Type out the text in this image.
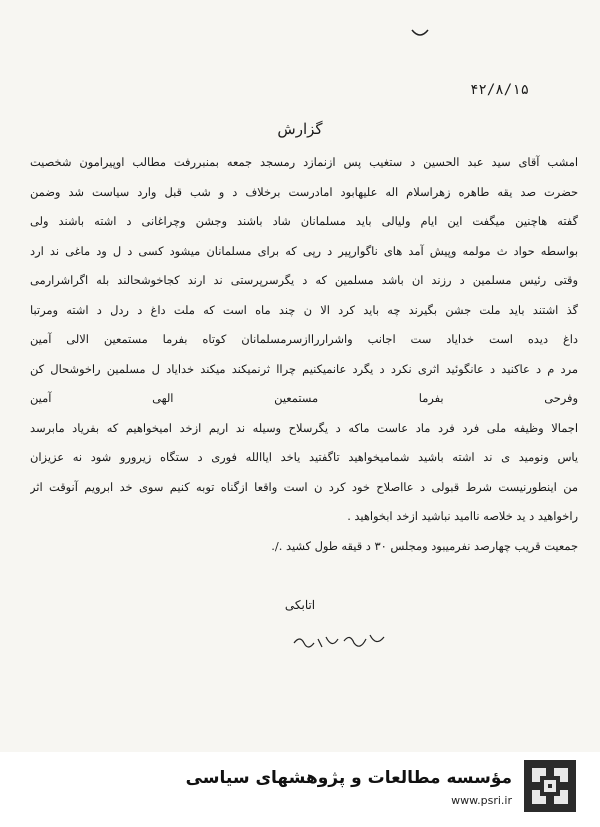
۴۲/۸/۱۵
گزارش
امشب آقای سید عبد الحسین د ستغیب پس ازنمازد رمسجد جمعه بمنبررفت مطالب اوپیرامون شخصیت
حضرت صد یقه طاهره زهراسلام اله علیهابود امادرست برخلاف د و شب قبل وارد سیاست شد وضمن
گفته هاچنین میگفت این ایام ولیالی باید مسلمانان شاد باشند وجشن وچراغانی د اشته باشند ولی
بواسطه حواد ث مولمه وپیش آمد های ناگوارپیر د رپی که برای مسلمانان میشود کسی د ل ود ماغی ند ارد
وقتی رئیس مسلمین د رزند ان باشد مسلمین که د یگرسرپرستی ند ارند کجاخوشحالند بله اگراشرارمی
گذ اشتند باید ملت جشن بگیرند چه باید کرد الا ن چند ماه است که ملت داغ د ردل د اشته ومرتبا
داغ دیده است خدایاد ست اجانب واشرارراازسرمسلمانان کوتاه بفرما مستمعین الالی آمین
مرد م د عاکنید د عانگوئید اثری نکرد د یگرد عانمیکنیم چراا ثرنمیکند میکند خدایاد ل مسلمین راخوشحال کن
وفرحی بفرما مستمعین الهی آمین
اجمالا وظیفه ملی فرد فرد ماد عاست ماکه د یگرسلاح وسیله ند اریم ازخد امیخواهیم که بفریاد مابرسد
یاس ونومید ی ند اشته باشید شمامیخواهید تاگفتید یاخد ایاالله فوری د ستگاه زیرورو شود نه عزیزان
من اینطورنیست شرط قبولی د عااصلاح خود کرد ن است واقعا ازگناه توبه کنیم سوی خد ابرویم آنوقت اثر
راخواهید د ید خلاصه ناامید نباشید ازخد ابخواهید .
جمعیت قریب چهارصد نفرمیبود ومجلس ۳۰ د قیقه طول کشید ./.
اتابکی
مؤسسه مطالعات و پژوهشهای سیاسی
www.psri.ir
